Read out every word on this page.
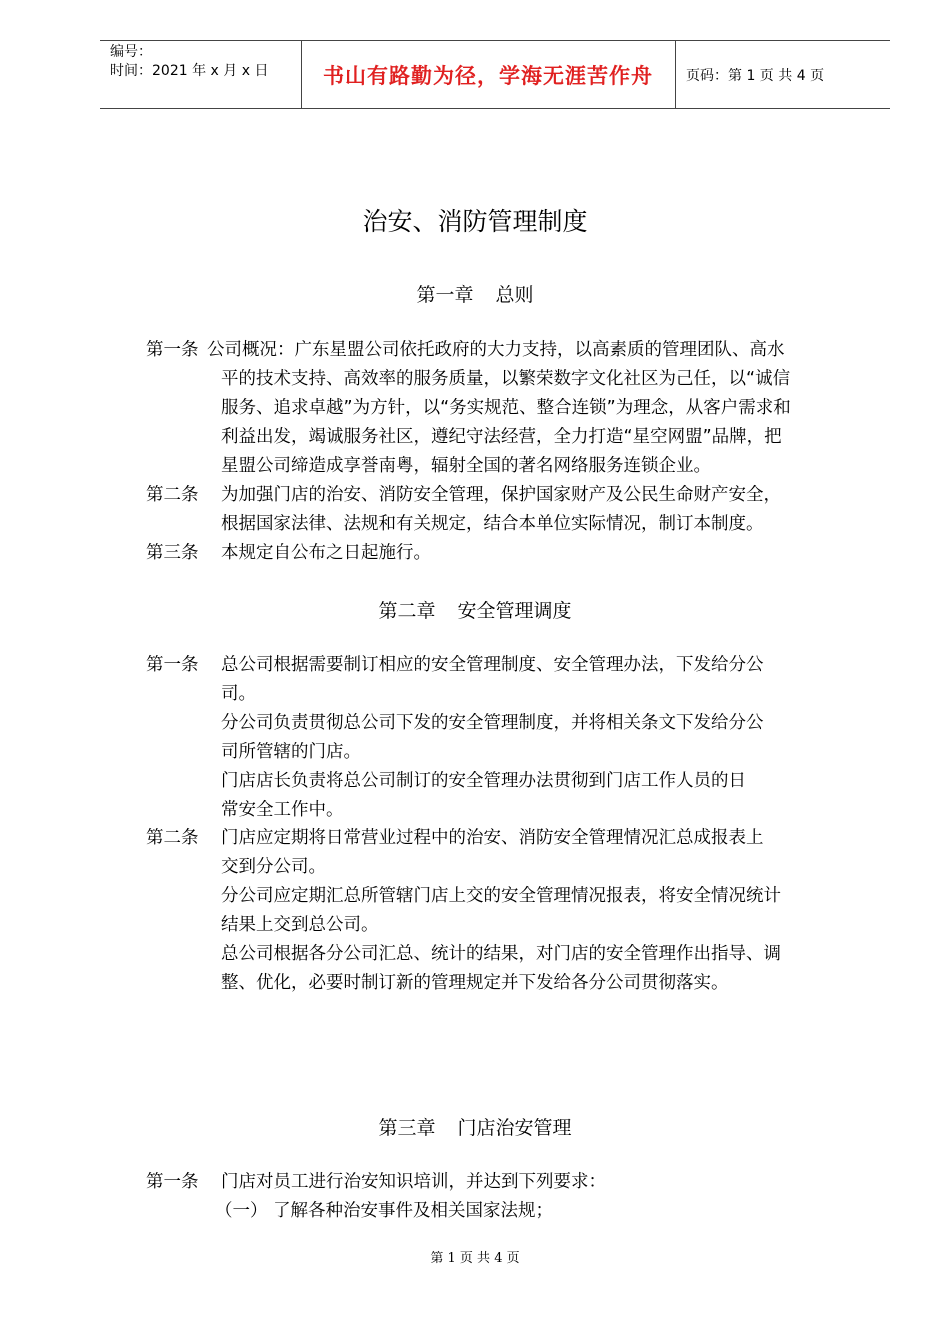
编号：
时间：2021 年 x 月 x 日	书山有路勤为径，学海无涯苦作舟	页码：第 1 页 共 4 页
治安、消防管理制度
第一章 总则
第一条 公司概况：广东星盟公司依托政府的大力支持，以高素质的管理团队、高水
平的技术支持、高效率的服务质量，以繁荣数字文化社区为己任，以“诚信
服务、追求卓越”为方针，以“务实规范、整合连锁”为理念，从客户需求和
利益出发，竭诚服务社区，遵纪守法经营，全力打造“星空网盟”品牌，把
星盟公司缔造成享誉南粤，辐射全国的著名网络服务连锁企业。
第二条 为加强门店的治安、消防安全管理，保护国家财产及公民生命财产安全，
根据国家法律、法规和有关规定，结合本单位实际情况，制订本制度。
第三条 本规定自公布之日起施行。
第二章 安全管理调度
第一条 总公司根据需要制订相应的安全管理制度、安全管理办法，下发给分公
司。
分公司负责贯彻总公司下发的安全管理制度，并将相关条文下发给分公
司所管辖的门店。
门店店长负责将总公司制订的安全管理办法贯彻到门店工作人员的日
常安全工作中。
第二条 门店应定期将日常营业过程中的治安、消防安全管理情况汇总成报表上
交到分公司。
分公司应定期汇总所管辖门店上交的安全管理情况报表，将安全情况统计
结果上交到总公司。
总公司根据各分公司汇总、统计的结果，对门店的安全管理作出指导、调
整、优化，必要时制订新的管理规定并下发给各分公司贯彻落实。
第三章 门店治安管理
第一条 门店对员工进行治安知识培训，并达到下列要求：
（一） 了解各种治安事件及相关国家法规；
第 1 页 共 4 页
